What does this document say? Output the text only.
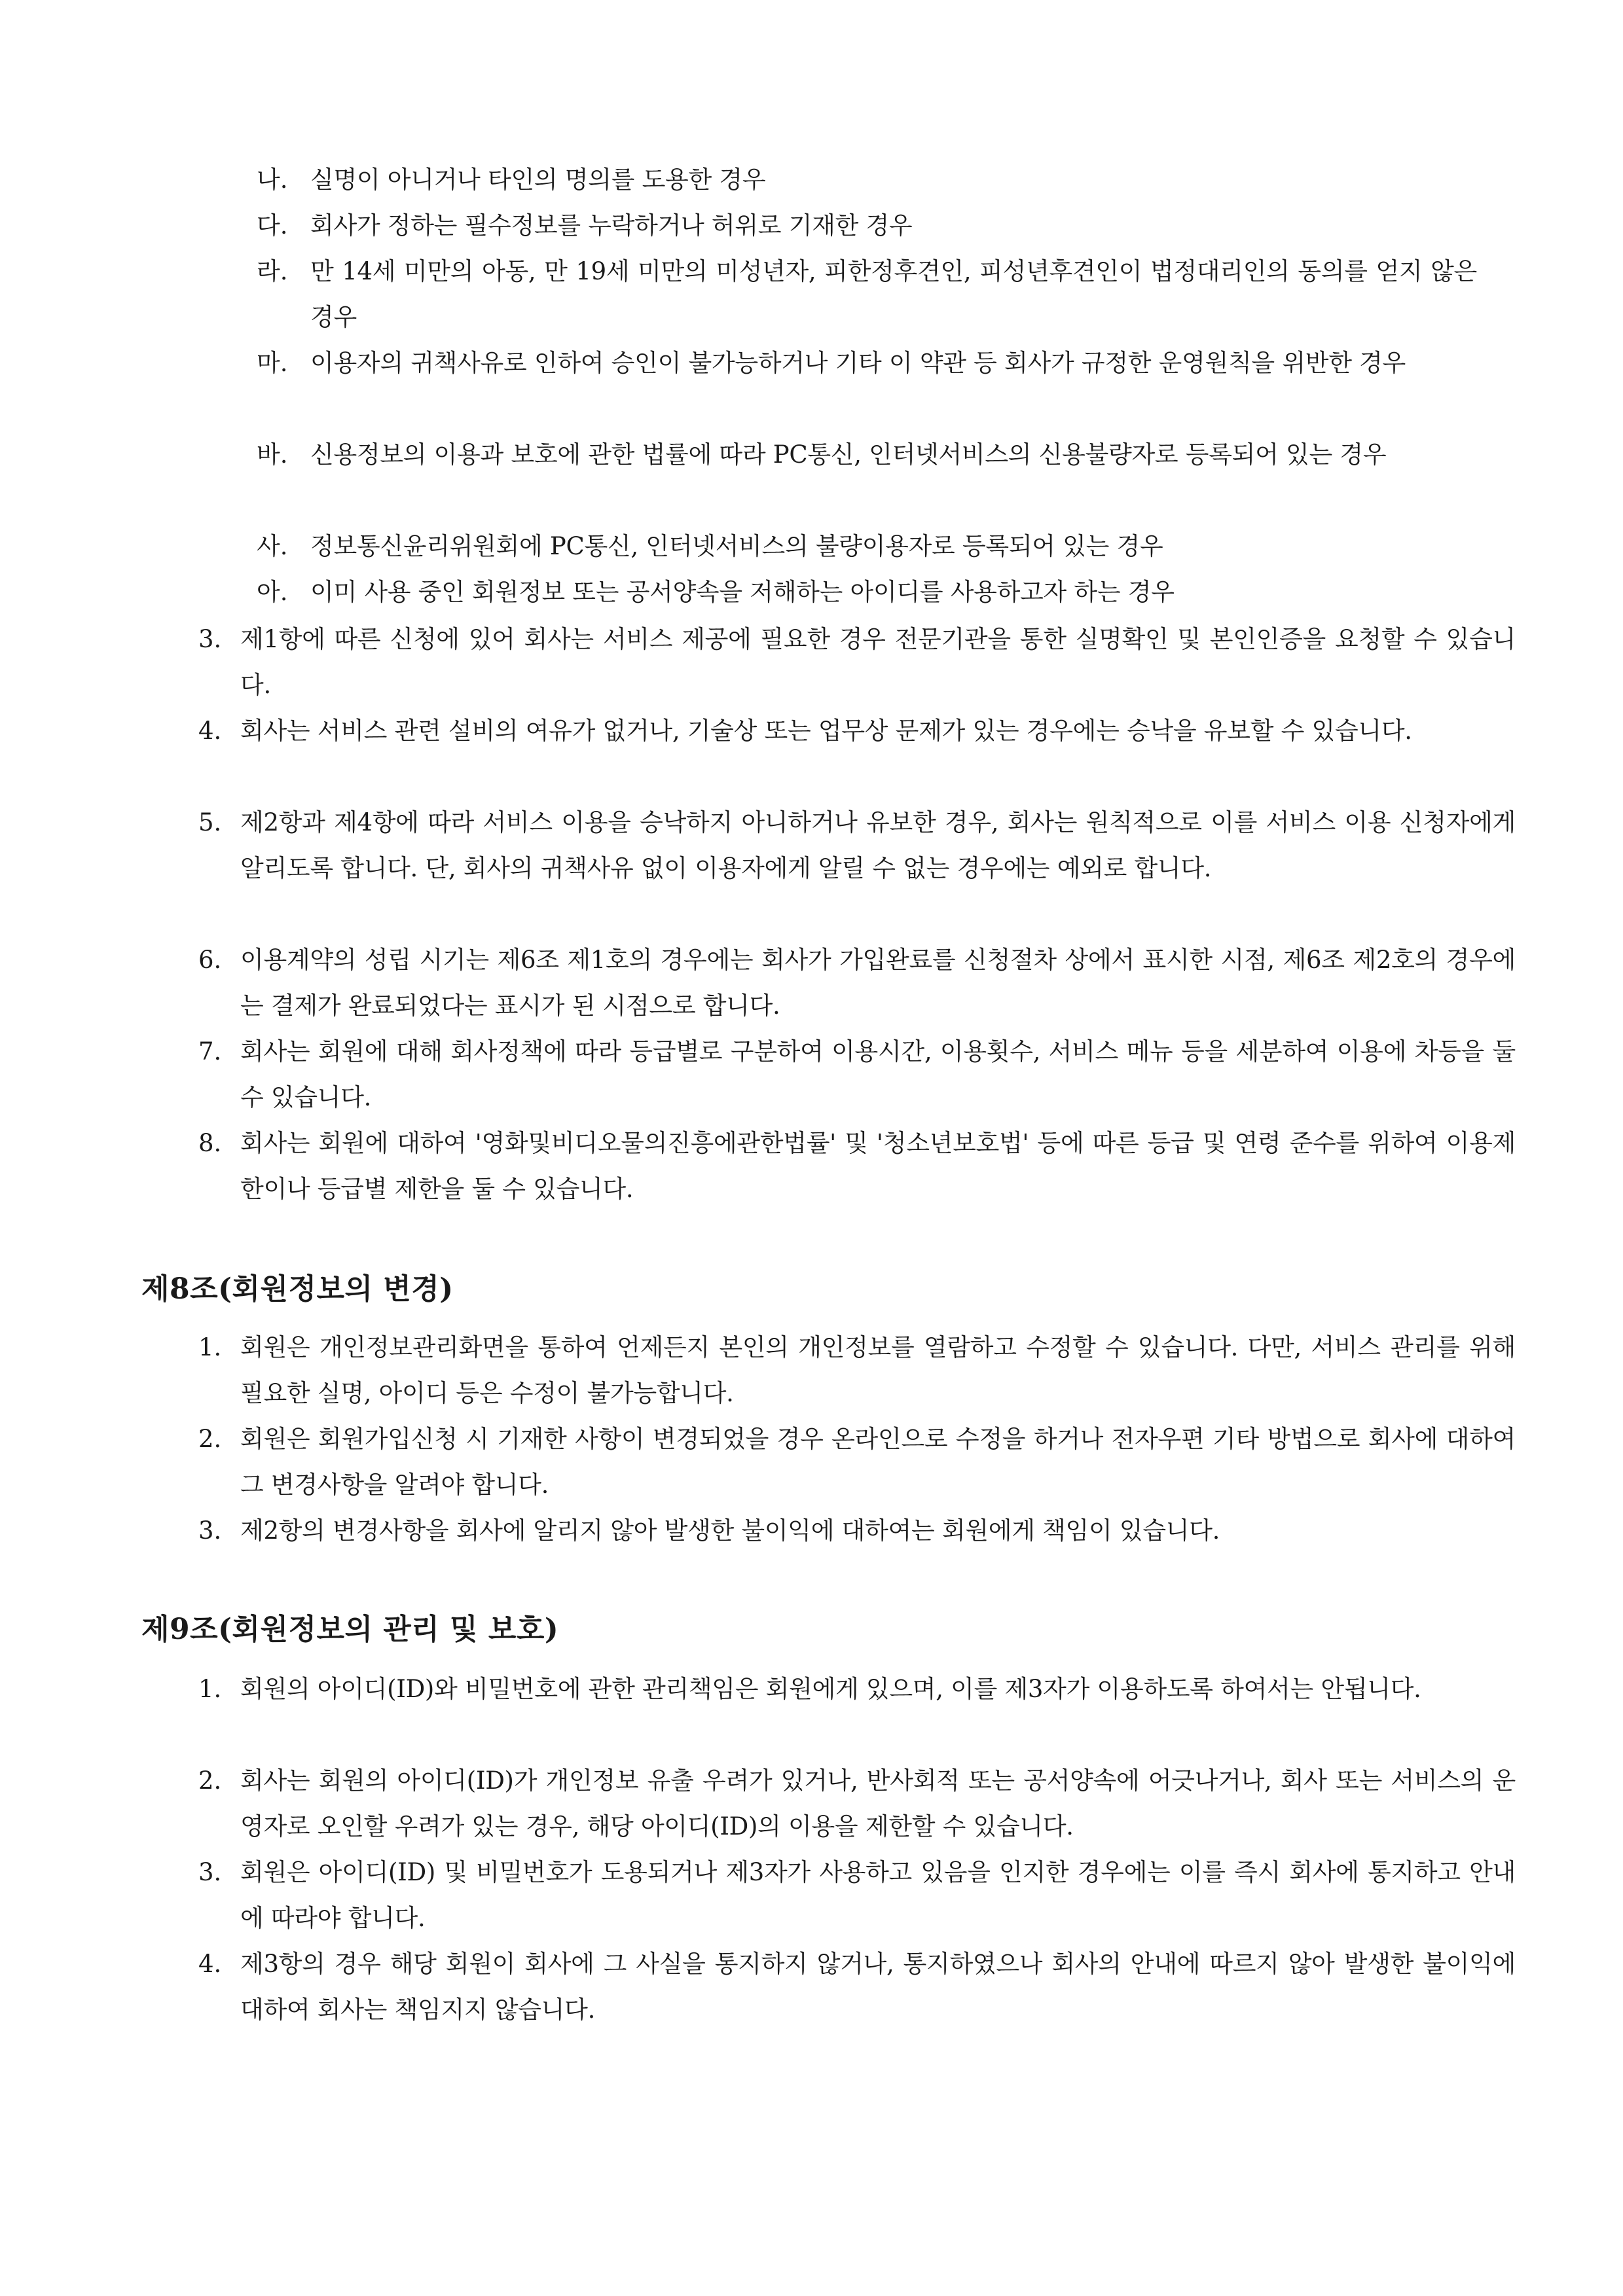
나. 실명이 아니거나 타인의 명의를 도용한 경우
다. 회사가 정하는 필수정보를 누락하거나 허위로 기재한 경우
라. 만 14세 미만의 아동, 만 19세 미만의 미성년자, 피한정후견인, 피성년후견인이 법정대리인의 동의를 얻지 않은 경우
마. 이용자의 귀책사유로 인하여 승인이 불가능하거나 기타 이 약관 등 회사가 규정한 운영원칙을 위반한 경우
바. 신용정보의 이용과 보호에 관한 법률에 따라 PC통신, 인터넷서비스의 신용불량자로 등록되어 있는 경우
사. 정보통신윤리위원회에 PC통신, 인터넷서비스의 불량이용자로 등록되어 있는 경우
아. 이미 사용 중인 회원정보 또는 공서양속을 저해하는 아이디를 사용하고자 하는 경우
3. 제1항에 따른 신청에 있어 회사는 서비스 제공에 필요한 경우 전문기관을 통한 실명확인 및 본인인증을 요청할 수 있습니다.
4. 회사는 서비스 관련 설비의 여유가 없거나, 기술상 또는 업무상 문제가 있는 경우에는 승낙을 유보할 수 있습니다.
5. 제2항과 제4항에 따라 서비스 이용을 승낙하지 아니하거나 유보한 경우, 회사는 원칙적으로 이를 서비스 이용 신청자에게 알리도록 합니다. 단, 회사의 귀책사유 없이 이용자에게 알릴 수 없는 경우에는 예외로 합니다.
6. 이용계약의 성립 시기는 제6조 제1호의 경우에는 회사가 가입완료를 신청절차 상에서 표시한 시점, 제6조 제2호의 경우에는 결제가 완료되었다는 표시가 된 시점으로 합니다.
7. 회사는 회원에 대해 회사정책에 따라 등급별로 구분하여 이용시간, 이용횟수, 서비스 메뉴 등을 세분하여 이용에 차등을 둘 수 있습니다.
8. 회사는 회원에 대하여 '영화및비디오물의진흥에관한법률' 및 '청소년보호법' 등에 따른 등급 및 연령 준수를 위하여 이용제한이나 등급별 제한을 둘 수 있습니다.
제8조(회원정보의 변경)
1. 회원은 개인정보관리화면을 통하여 언제든지 본인의 개인정보를 열람하고 수정할 수 있습니다. 다만, 서비스 관리를 위해 필요한 실명, 아이디 등은 수정이 불가능합니다.
2. 회원은 회원가입신청 시 기재한 사항이 변경되었을 경우 온라인으로 수정을 하거나 전자우편 기타 방법으로 회사에 대하여 그 변경사항을 알려야 합니다.
3. 제2항의 변경사항을 회사에 알리지 않아 발생한 불이익에 대하여는 회원에게 책임이 있습니다.
제9조(회원정보의 관리 및 보호)
1. 회원의 아이디(ID)와 비밀번호에 관한 관리책임은 회원에게 있으며, 이를 제3자가 이용하도록 하여서는 안됩니다.
2. 회사는 회원의 아이디(ID)가 개인정보 유출 우려가 있거나, 반사회적 또는 공서양속에 어긋나거나, 회사 또는 서비스의 운영자로 오인할 우려가 있는 경우, 해당 아이디(ID)의 이용을 제한할 수 있습니다.
3. 회원은 아이디(ID) 및 비밀번호가 도용되거나 제3자가 사용하고 있음을 인지한 경우에는 이를 즉시 회사에 통지하고 안내에 따라야 합니다.
4. 제3항의 경우 해당 회원이 회사에 그 사실을 통지하지 않거나, 통지하였으나 회사의 안내에 따르지 않아 발생한 불이익에 대하여 회사는 책임지지 않습니다.
